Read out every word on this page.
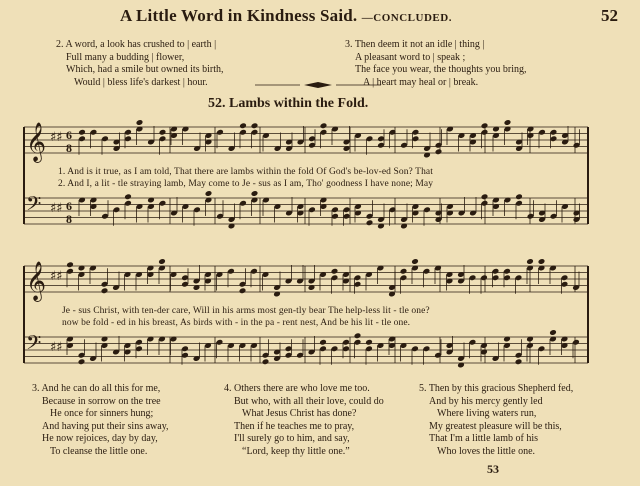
A Little Word in Kindness Said. —CONCLUDED.	52
2. A word, a look has crushed to | earth |
Full many a budding | flower,
Which, had a smile but owned its birth,
Would | bless life's darkest | hour.
3. Then deem it not an idle | thing |
A pleasant word to | speak ;
The face you wear, the thoughts you bring,
A | heart may heal or | break.
52. Lambs within the Fold.
𝄞 ♯♯
𝄢 ♯♯
𝄞 ♯♯
𝄢 ♯♯
6
8
6
8
1. And is it true, as I am told, That there are lambs within the fold Of God's be-lov-ed Son? That
2. And I, a lit - tle straying lamb, May come to Je - sus as I am, Tho' goodness I have none; May
Je - sus Christ, with ten-der care, Will in his arms most gen-tly bear The help-less lit - tle one?
now be fold - ed in his breast, As birds with - in the pa - rent nest, And be his lit - tle one.
3. And he can do all this for me,
Because in sorrow on the tree
He once for sinners hung;
And having put their sins away,
He now rejoices, day by day,
To cleanse the little one.
4. Others there are who love me too.
But who, with all their love, could do
What Jesus Christ has done?
Then if he teaches me to pray,
I'll surely go to him, and say,
“Lord, keep thy little one.”
5. Then by this gracious Shepherd fed,
And by his mercy gently led
Where living waters run,
My greatest pleasure will be this,
That I'm a little lamb of his
Who loves the little one.
53
